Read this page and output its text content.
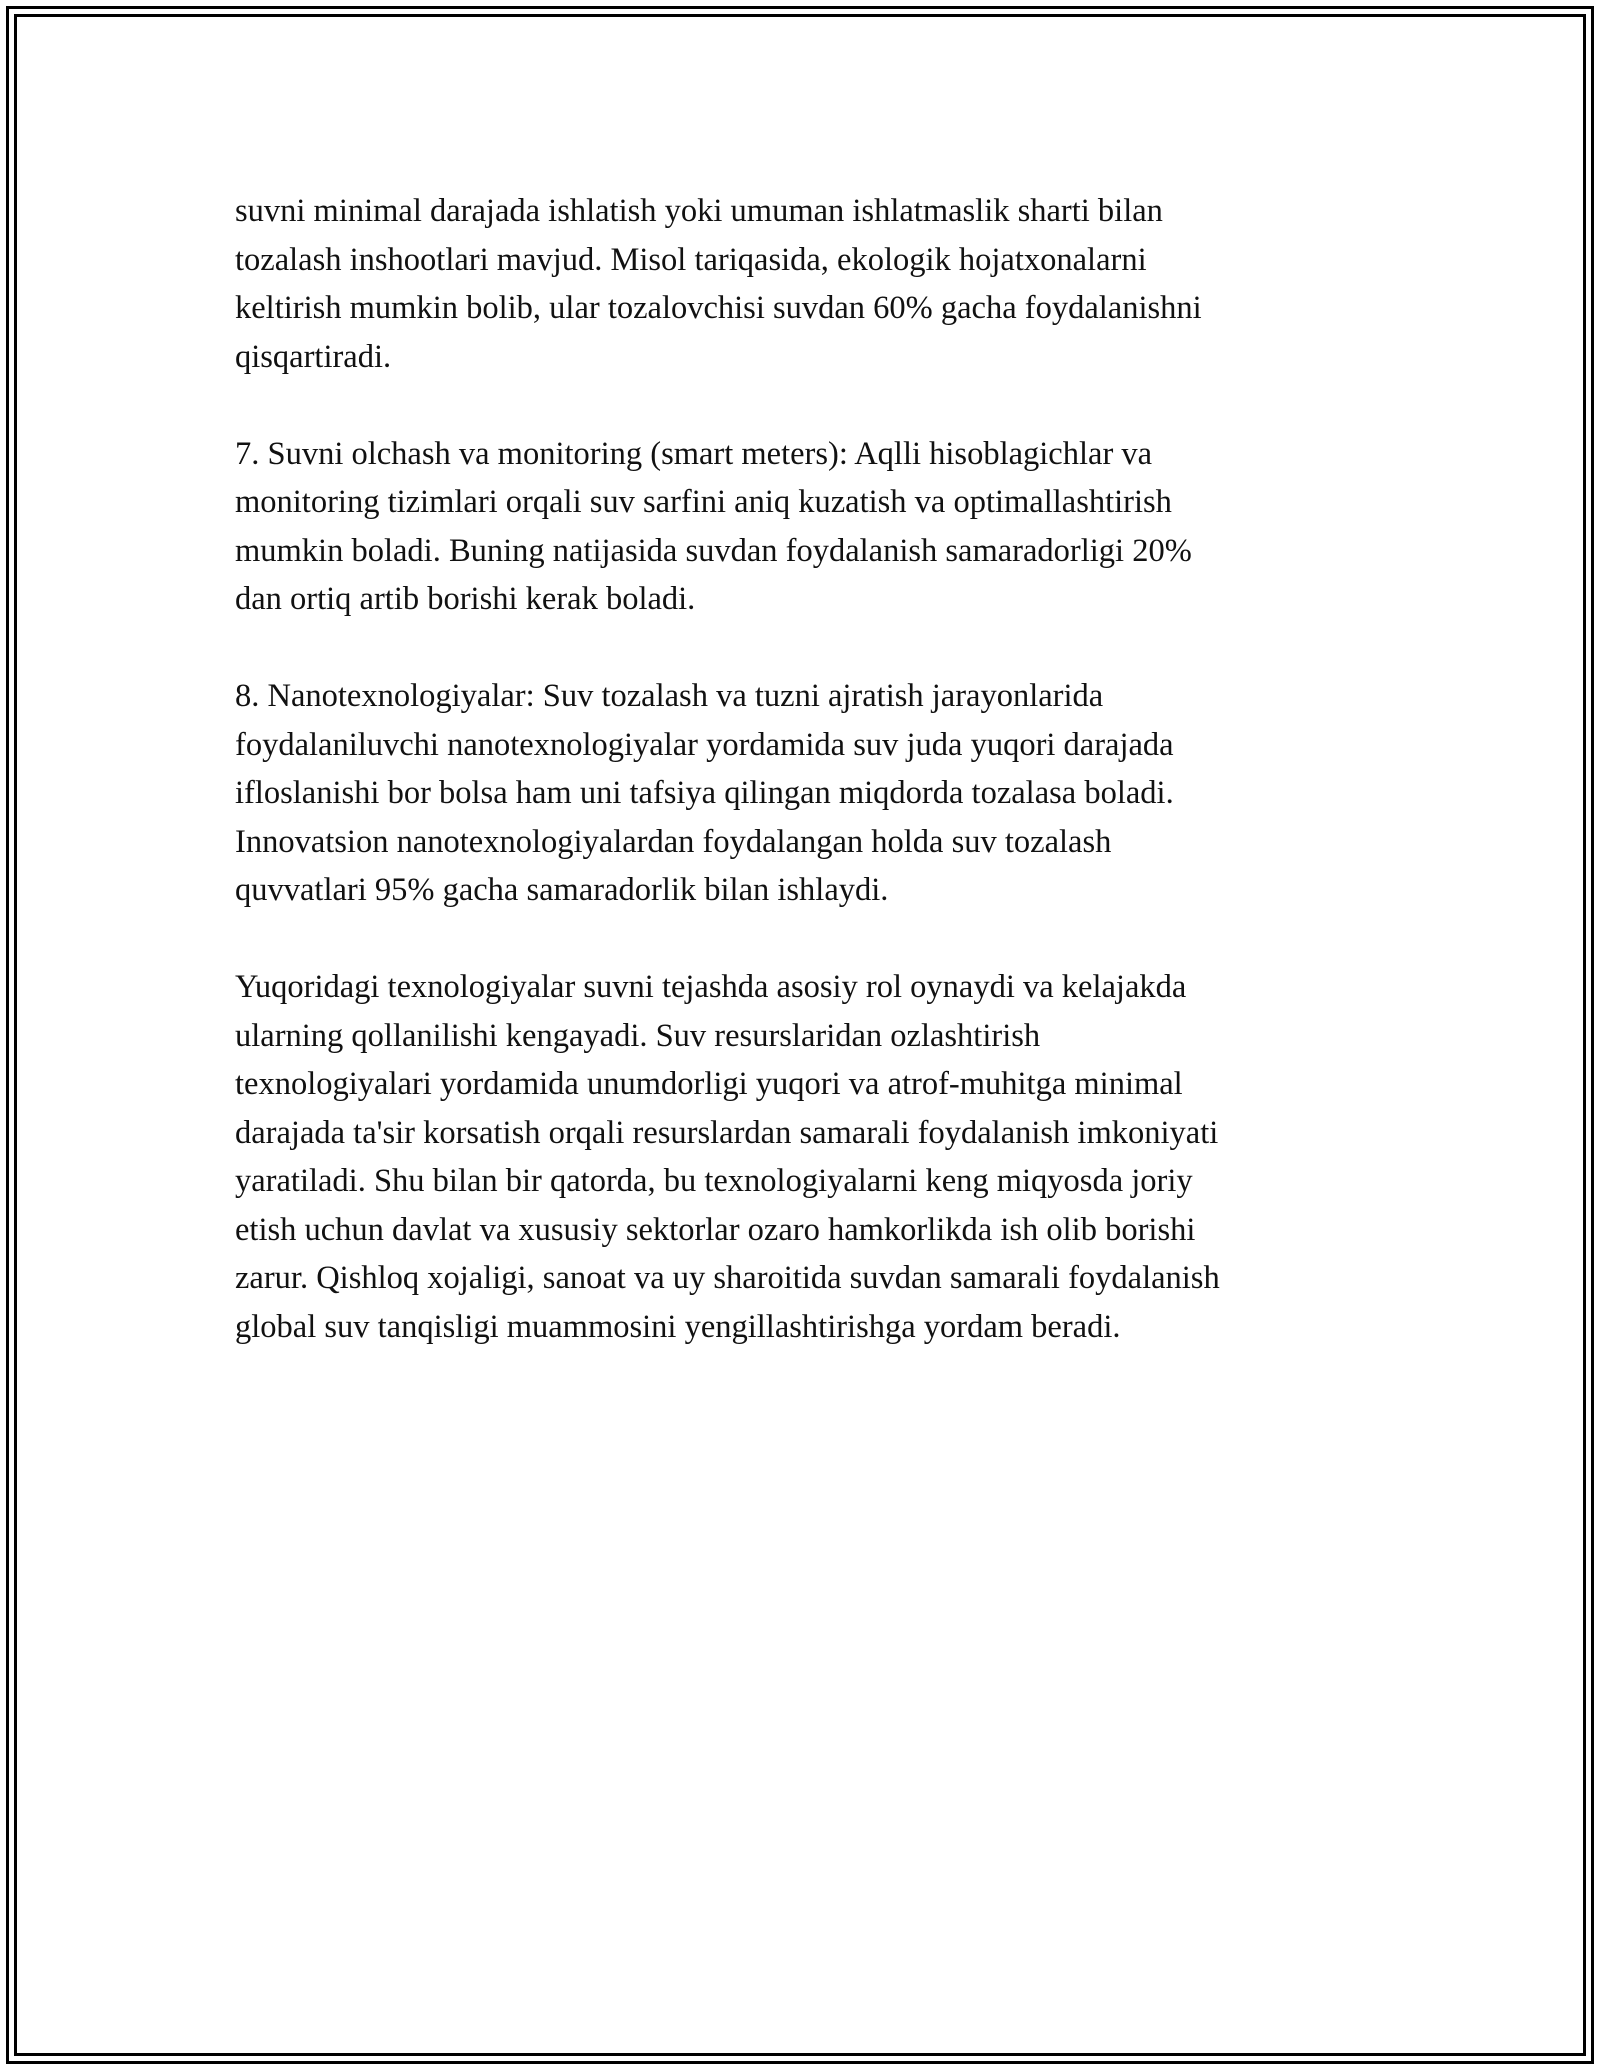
suvni minimal darajada ishlatish yoki umuman ishlatmaslik sharti bilan
tozalash inshootlari mavjud. Misol tariqasida, ekologik hojatxonalarni
keltirish mumkin bolib, ular tozalovchisi suvdan 60% gacha foydalanishni
qisqartiradi.

7. Suvni olchash va monitoring (smart meters): Aqlli hisoblagichlar va
monitoring tizimlari orqali suv sarfini aniq kuzatish va optimallashtirish
mumkin boladi. Buning natijasida suvdan foydalanish samaradorligi 20%
dan ortiq artib borishi kerak boladi.

8. Nanotexnologiyalar: Suv tozalash va tuzni ajratish jarayonlarida
foydalaniluvchi nanotexnologiyalar yordamida suv juda yuqori darajada
ifloslanishi bor bolsa ham uni tafsiya qilingan miqdorda tozalasa boladi.
Innovatsion nanotexnologiyalardan foydalangan holda suv tozalash
quvvatlari 95% gacha samaradorlik bilan ishlaydi.

Yuqoridagi texnologiyalar suvni tejashda asosiy rol oynaydi va kelajakda
ularning qollanilishi kengayadi. Suv resurslaridan ozlashtirish
texnologiyalari yordamida unumdorligi yuqori va atrof-muhitga minimal
darajada ta'sir korsatish orqali resurslardan samarali foydalanish imkoniyati
yaratiladi. Shu bilan bir qatorda, bu texnologiyalarni keng miqyosda joriy
etish uchun davlat va xususiy sektorlar ozaro hamkorlikda ish olib borishi
zarur. Qishloq xojaligi, sanoat va uy sharoitida suvdan samarali foydalanish
global suv tanqisligi muammosini yengillashtirishga yordam beradi.
